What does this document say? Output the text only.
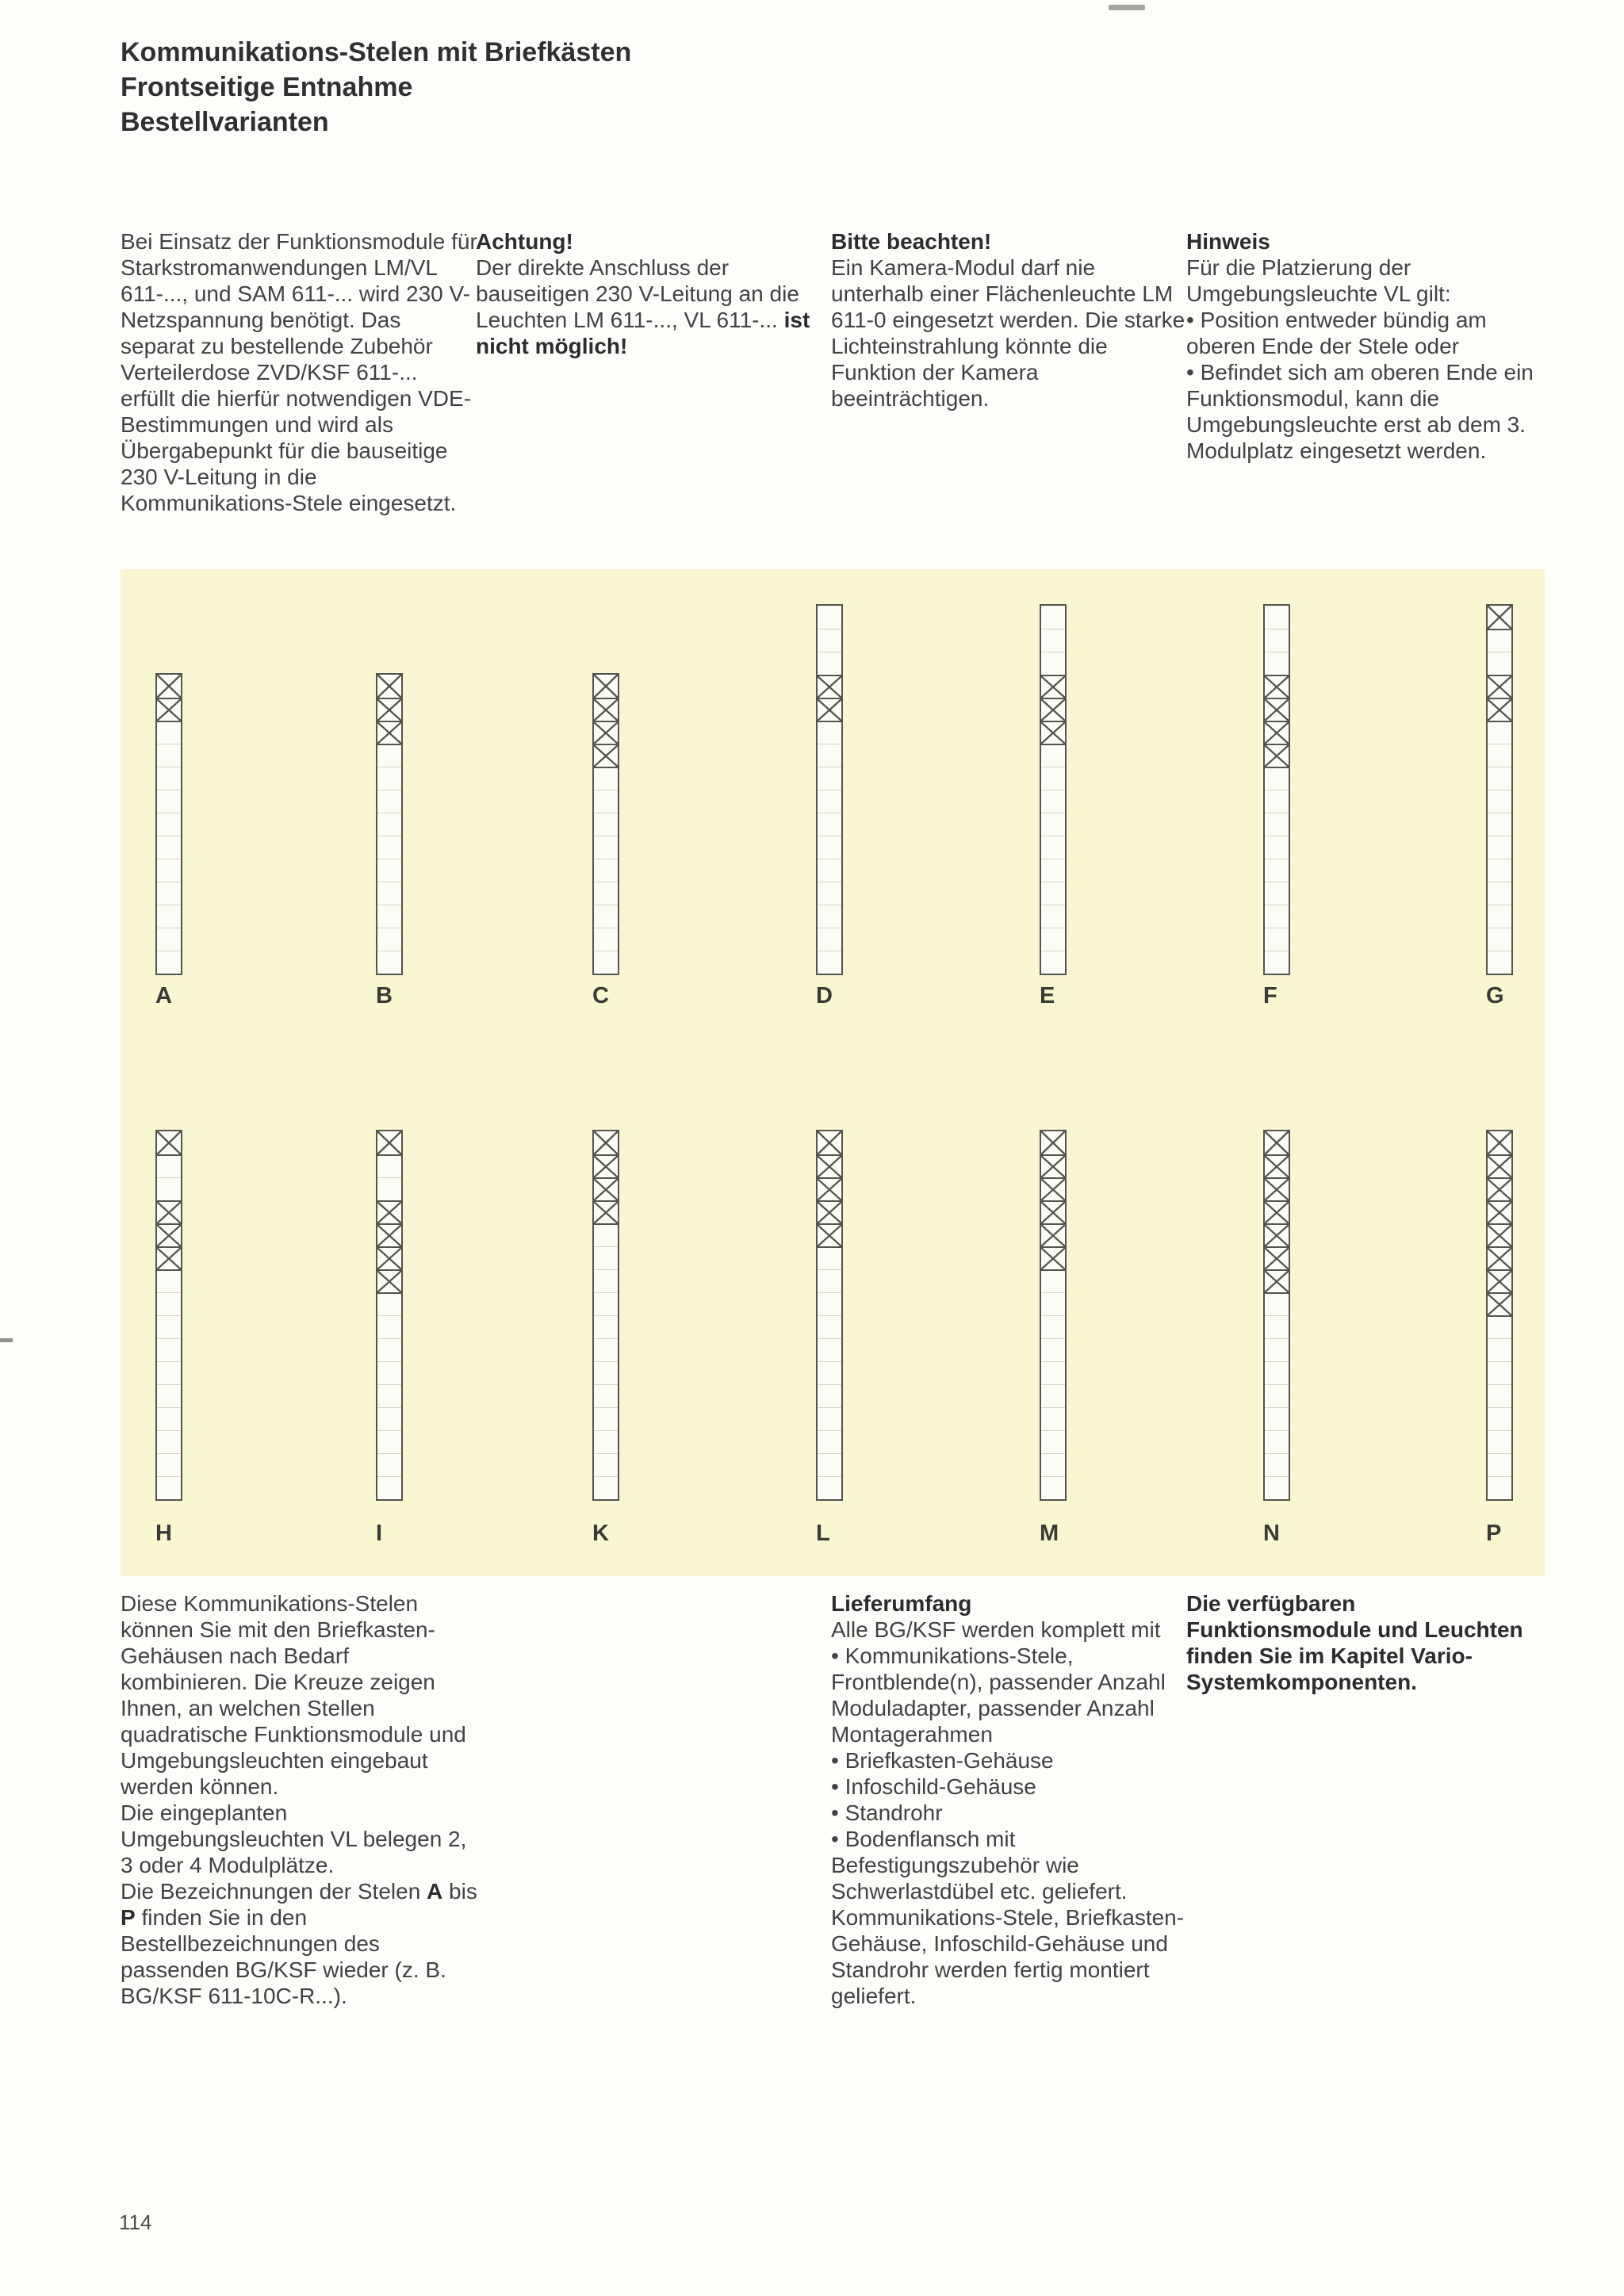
Kommunikations-Stelen mit Briefkästen
Frontseitige Entnahme
Bestellvarianten

Bei Einsatz der Funktionsmodule für Starkstromanwendungen LM/VL 611-..., und SAM 611-... wird 230 V-Netzspannung benötigt. Das separat zu bestellende Zubehör Verteilerdose ZVD/KSF 611-... erfüllt die hierfür notwendigen VDE-Bestimmungen und wird als Übergabepunkt für die bauseitige 230 V-Leitung in die Kommunikations-Stele eingesetzt.

Achtung!

Der direkte Anschluss der bauseitigen 230 V-Leitung an die Leuchten LM 611-..., VL 611-... ist nicht möglich!

Bitte beachten!

Ein Kamera-Modul darf nie unterhalb einer Flächenleuchte LM 611-0 eingesetzt werden. Die starke Lichteinstrahlung könnte die Funktion der Kamera beeinträchtigen.

Hinweis

Für die Platzierung der Umgebungsleuchte VL gilt:

• Position entweder bündig am oberen Ende der Stele oder

• Befindet sich am oberen Ende ein Funktionsmodul, kann die Umgebungsleuchte erst ab dem 3. Modulplatz eingesetzt werden.

A	B	C	D	E	F	G
H	I	K	L	M	N	P

Diese Kommunikations-Stelen können Sie mit den Briefkasten-Gehäusen nach Bedarf kombinieren. Die Kreuze zeigen Ihnen, an welchen Stellen quadratische Funktionsmodule und Umgebungsleuchten eingebaut werden können.

Die eingeplanten Umgebungsleuchten VL belegen 2, 3 oder 4 Modulplätze.

Die Bezeichnungen der Stelen A bis P finden Sie in den Bestellbezeichnungen des passenden BG/KSF wieder (z. B. BG/KSF 611-10C-R...).

Lieferumfang

Alle BG/KSF werden komplett mit

• Kommunikations-Stele, Frontblende(n), passender Anzahl Moduladapter, passender Anzahl Montagerahmen

• Briefkasten-Gehäuse

• Infoschild-Gehäuse

• Standrohr

• Bodenflansch mit Befestigungszubehör wie Schwerlastdübel etc. geliefert.

Kommunikations-Stele, Briefkasten-Gehäuse, Infoschild-Gehäuse und Standrohr werden fertig montiert geliefert.

Die verfügbaren Funktionsmodule und Leuchten finden Sie im Kapitel Vario-Systemkomponenten.

114
